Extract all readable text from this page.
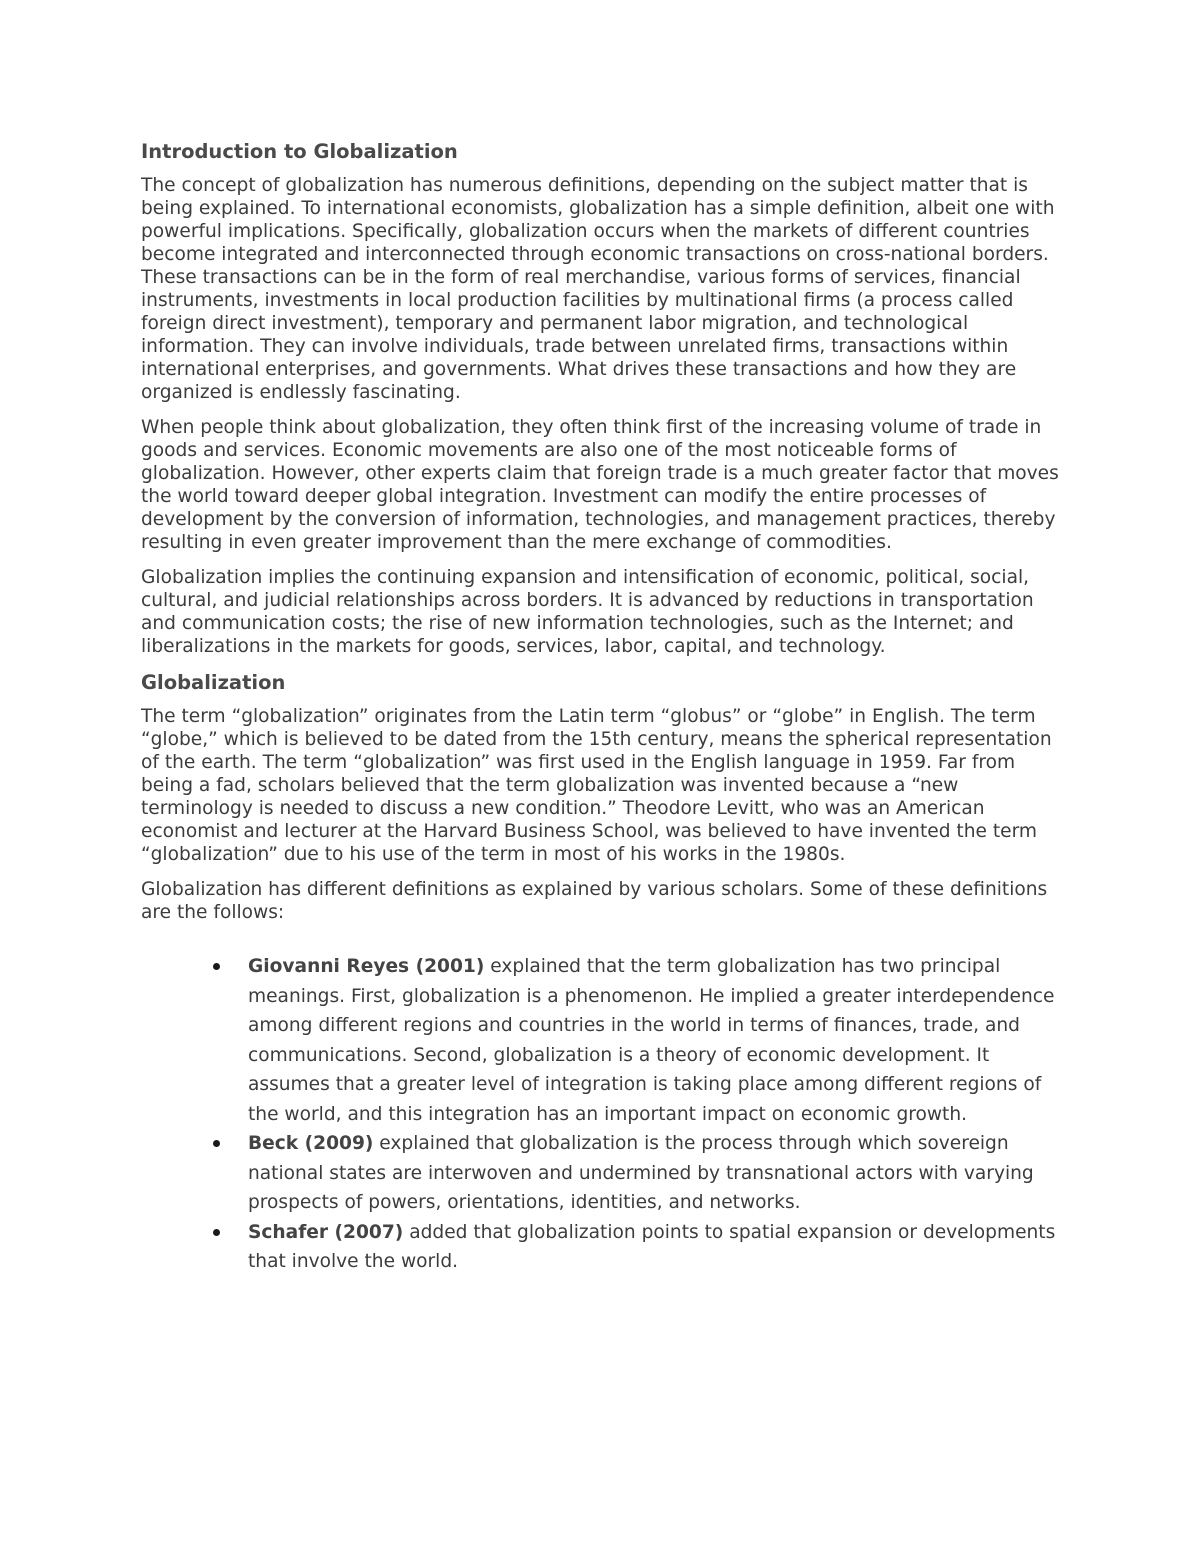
Introduction to Globalization

The concept of globalization has numerous definitions, depending on the subject matter that is being explained. To international economists, globalization has a simple definition, albeit one with powerful implications. Specifically, globalization occurs when the markets of different countries become integrated and interconnected through economic transactions on cross-national borders. These transactions can be in the form of real merchandise, various forms of services, financial instruments, investments in local production facilities by multinational firms (a process called foreign direct investment), temporary and permanent labor migration, and technological information. They can involve individuals, trade between unrelated firms, transactions within international enterprises, and governments. What drives these transactions and how they are organized is endlessly fascinating.

When people think about globalization, they often think first of the increasing volume of trade in goods and services. Economic movements are also one of the most noticeable forms of globalization. However, other experts claim that foreign trade is a much greater factor that moves the world toward deeper global integration. Investment can modify the entire processes of development by the conversion of information, technologies, and management practices, thereby resulting in even greater improvement than the mere exchange of commodities.

Globalization implies the continuing expansion and intensification of economic, political, social, cultural, and judicial relationships across borders. It is advanced by reductions in transportation and communication costs; the rise of new information technologies, such as the Internet; and liberalizations in the markets for goods, services, labor, capital, and technology.

Globalization

The term “globalization” originates from the Latin term “globus” or “globe” in English. The term “globe,” which is believed to be dated from the 15th century, means the spherical representation of the earth. The term “globalization” was first used in the English language in 1959. Far from being a fad, scholars believed that the term globalization was invented because a “new terminology is needed to discuss a new condition.” Theodore Levitt, who was an American economist and lecturer at the Harvard Business School, was believed to have invented the term “globalization” due to his use of the term in most of his works in the 1980s.

Globalization has different definitions as explained by various scholars. Some of these definitions are the follows:

Giovanni Reyes (2001) explained that the term globalization has two principal meanings. First, globalization is a phenomenon. He implied a greater interdependence among different regions and countries in the world in terms of finances, trade, and communications. Second, globalization is a theory of economic development. It assumes that a greater level of integration is taking place among different regions of the world, and this integration has an important impact on economic growth.
Beck (2009) explained that globalization is the process through which sovereign national states are interwoven and undermined by transnational actors with varying prospects of powers, orientations, identities, and networks.
Schafer (2007) added that globalization points to spatial expansion or developments that involve the world.
